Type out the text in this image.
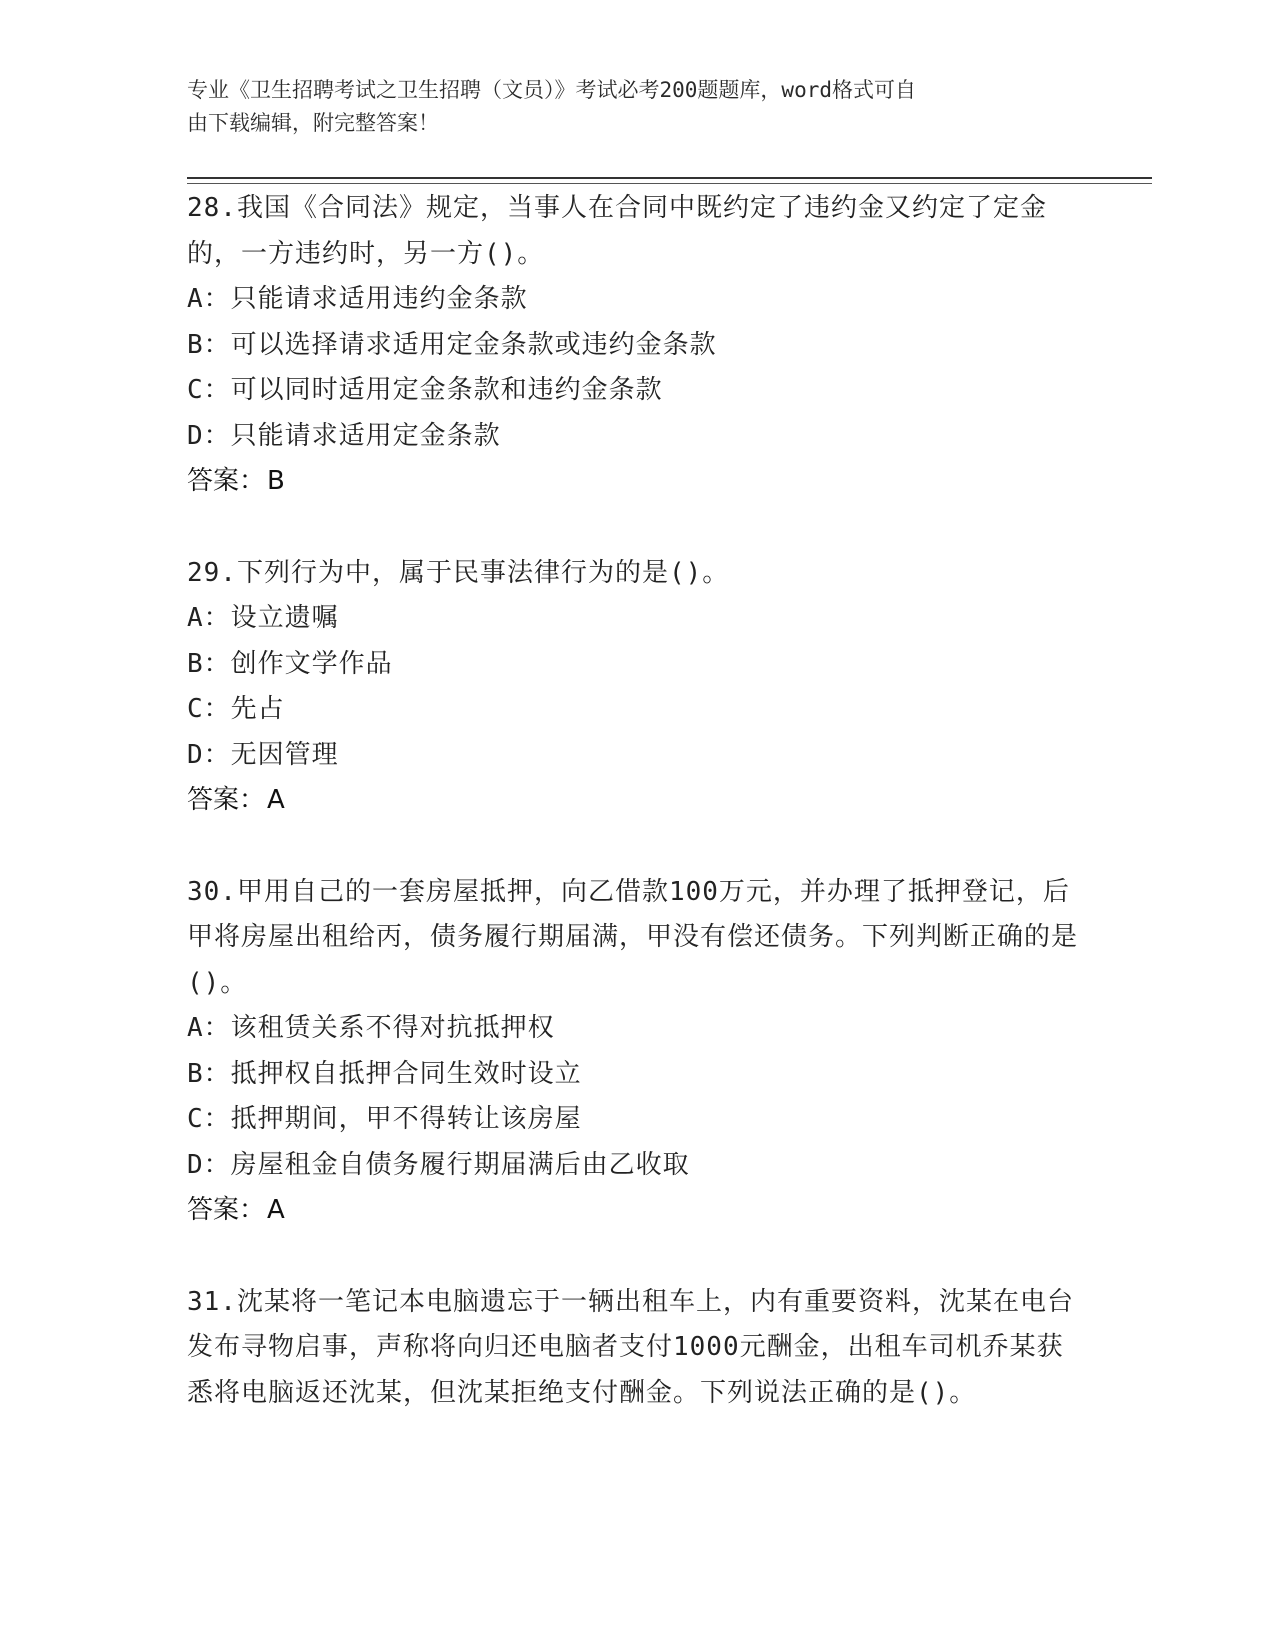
专业《卫生招聘考试之卫生招聘（文员）》考试必考200题题库，word格式可自
由下载编辑，附完整答案！

28.我国《合同法》规定，当事人在合同中既约定了违约金又约定了定金的，一方违约时，另一方()。

A：只能请求适用违约金条款

B：可以选择请求适用定金条款或违约金条款

C：可以同时适用定金条款和违约金条款

D：只能请求适用定金条款

答案：B

29.下列行为中，属于民事法律行为的是()。

A：设立遗嘱

B：创作文学作品

C：先占

D：无因管理

答案：A

30.甲用自己的一套房屋抵押，向乙借款100万元，并办理了抵押登记，后甲将房屋出租给丙，债务履行期届满，甲没有偿还债务。下列判断正确的是()。

A：该租赁关系不得对抗抵押权

B：抵押权自抵押合同生效时设立

C：抵押期间，甲不得转让该房屋

D：房屋租金自债务履行期届满后由乙收取

答案：A

31.沈某将一笔记本电脑遗忘于一辆出租车上，内有重要资料，沈某在电台发布寻物启事，声称将向归还电脑者支付1000元酬金，出租车司机乔某获悉将电脑返还沈某，但沈某拒绝支付酬金。下列说法正确的是()。
